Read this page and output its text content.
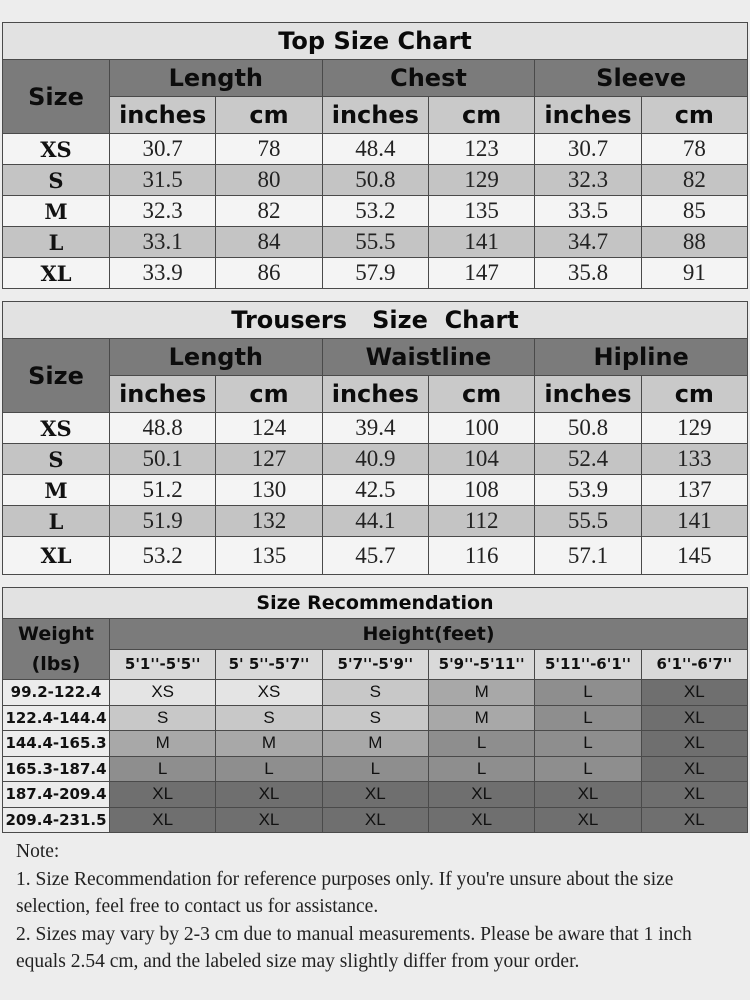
Top Size Chart						
Size	Length		Chest		Sleeve	
	inches	cm	inches	cm	inches	cm
XS	30.7	78	48.4	123	30.7	78
S	31.5	80	50.8	129	32.3	82
M	32.3	82	53.2	135	33.5	85
L	33.1	84	55.5	141	34.7	88
XL	33.9	86	57.9	147	35.8	91
Trousers   Size  Chart						
Size	Length		Waistline		Hipline	
	inches	cm	inches	cm	inches	cm
XS	48.8	124	39.4	100	50.8	129
S	50.1	127	40.9	104	52.4	133
M	51.2	130	42.5	108	53.9	137
L	51.9	132	44.1	112	55.5	141
XL	53.2	135	45.7	116	57.1	145
Size Recommendation						
Weight (lbs)	Height(feet)					
	5'1''-5'5''	5' 5''-5'7''	5'7''-5'9''	5'9''-5'11''	5'11''-6'1''	6'1''-6'7''
99.2-122.4	XS	XS	S	M	L	XL
122.4-144.4	S	S	S	M	L	XL
144.4-165.3	M	M	M	L	L	XL
165.3-187.4	L	L	L	L	L	XL
187.4-209.4	XL	XL	XL	XL	XL	XL
209.4-231.5	XL	XL	XL	XL	XL	XL

Note:

1. Size Recommendation for reference purposes only. If you're unsure about the size selection, feel free to contact us for assistance.

2. Sizes may vary by 2-3 cm due to manual measurements. Please be aware that 1 inch equals 2.54 cm, and the labeled size may slightly differ from your order.
